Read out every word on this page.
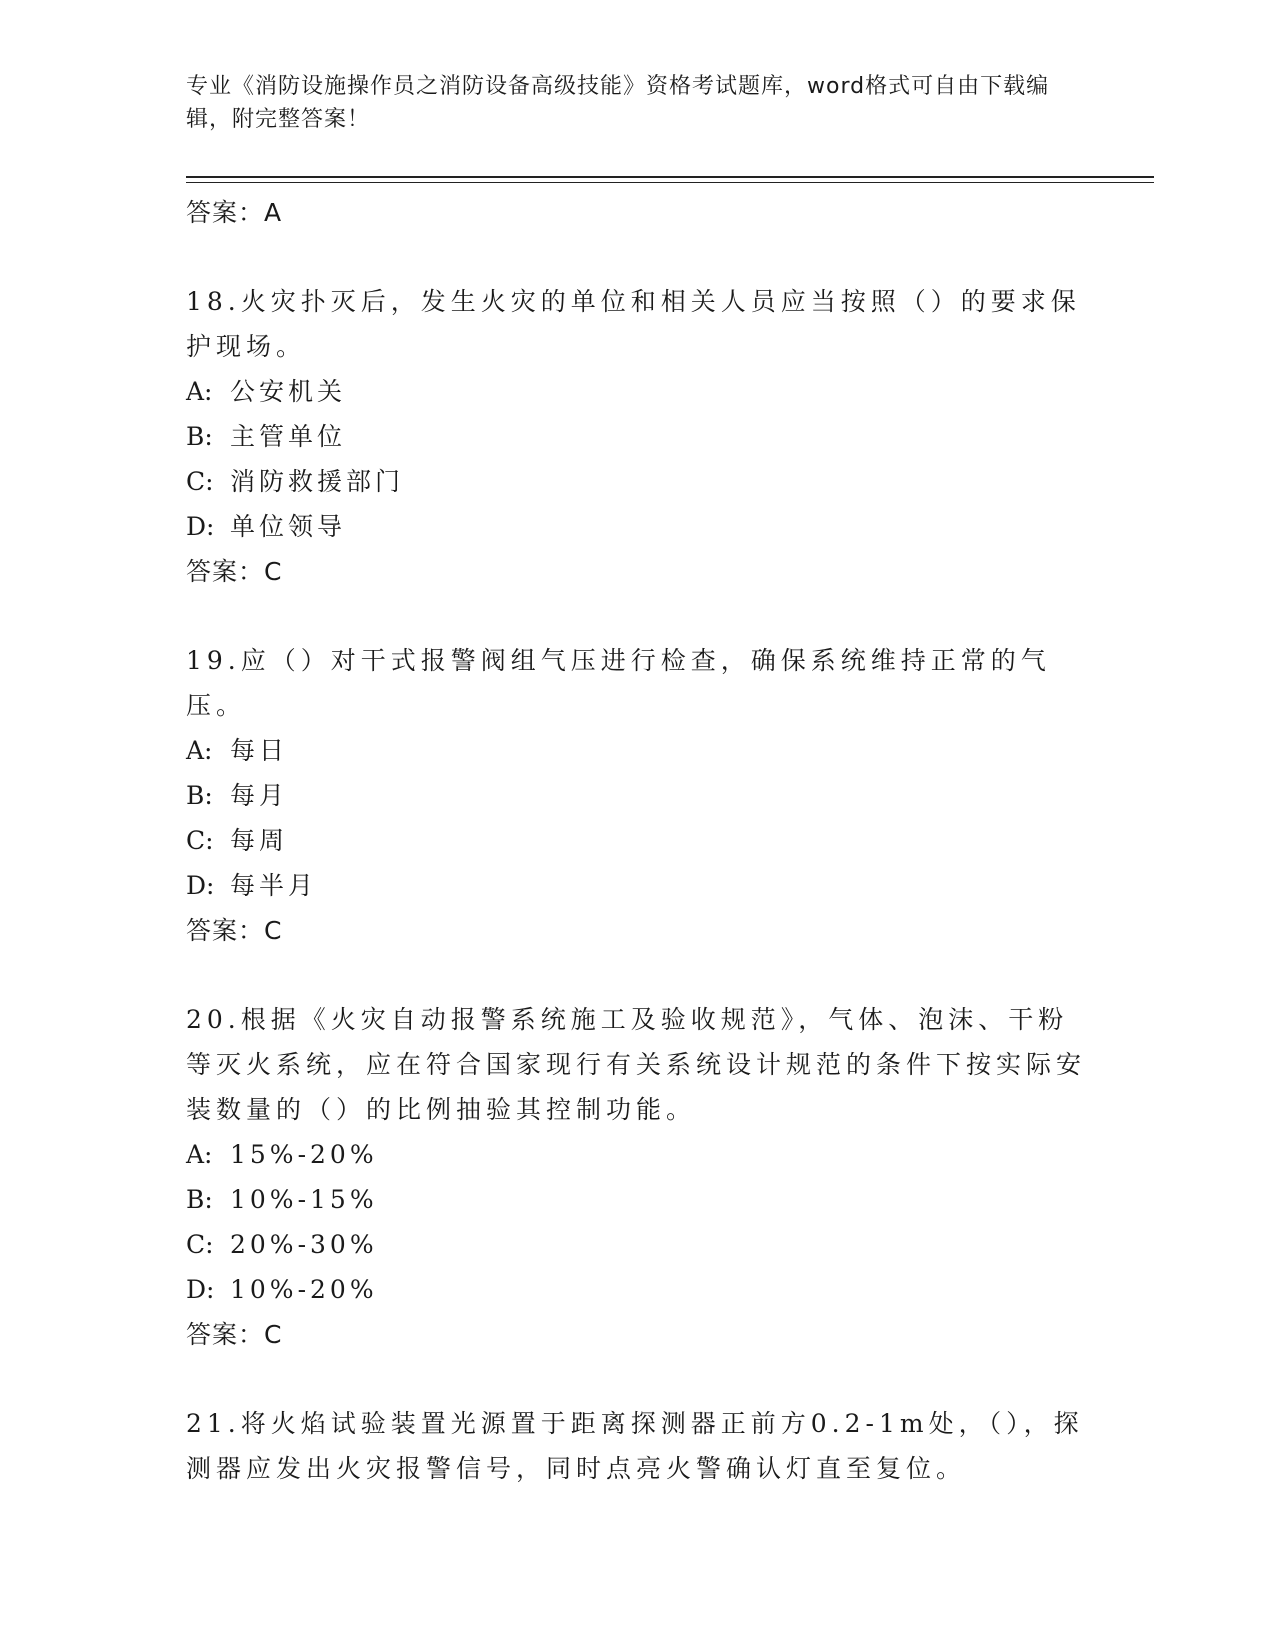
专业《消防设施操作员之消防设备高级技能》资格考试题库，word格式可自由下载编辑，附完整答案！
答案：A
18.火灾扑灭后，发生火灾的单位和相关人员应当按照（）的要求保护现场。
A: 公安机关
B: 主管单位
C: 消防救援部门
D: 单位领导
答案：C
19.应（）对干式报警阀组气压进行检查，确保系统维持正常的气压。
A: 每日
B: 每月
C: 每周
D: 每半月
答案：C
20.根据《火灾自动报警系统施工及验收规范》，气体、泡沫、干粉等灭火系统，应在符合国家现行有关系统设计规范的条件下按实际安装数量的（）的比例抽验其控制功能。
A: 15%-20%
B: 10%-15%
C: 20%-30%
D: 10%-20%
答案：C
21.将火焰试验装置光源置于距离探测器正前方0.2-1m处，（），探测器应发出火灾报警信号，同时点亮火警确认灯直至复位。
